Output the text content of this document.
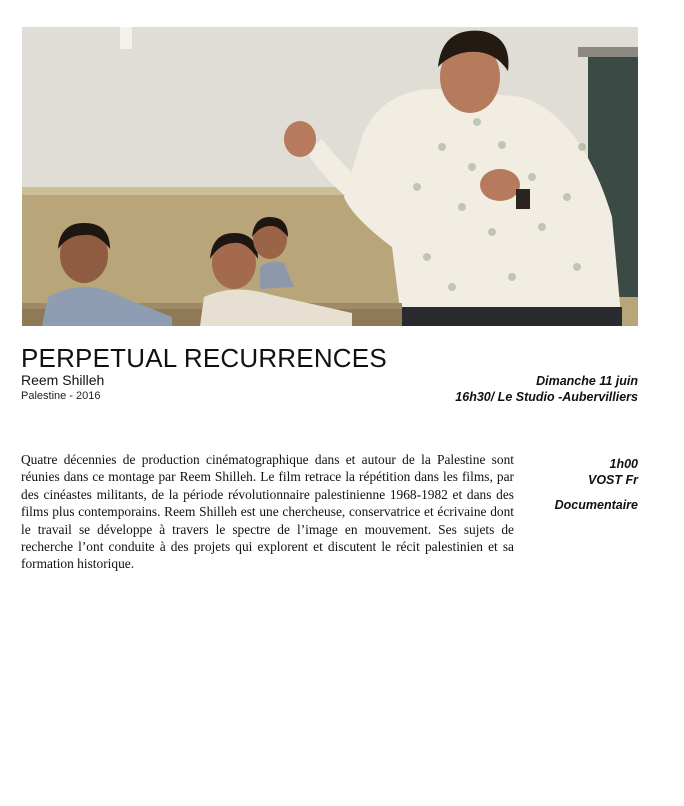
PERPETUAL RECURRENCES
Reem Shilleh
Palestine - 2016
Dimanche 11 juin
16h30/ Le Studio -Aubervilliers

Quatre décennies de production cinématographique dans et autour de la Palestine sont réunies dans ce montage par Reem Shilleh. Le film retrace la répétition dans les films, par des cinéastes militants, de la période révolutionnaire palestinienne 1968-1982 et dans des films plus contemporains. Reem Shilleh est une chercheuse, conservatrice et écrivaine dont le travail se développe à travers le spectre de l’image en mouvement. Ses sujets de recherche l’ont conduite à des projets qui explorent et discutent le récit palestinien et sa formation historique.

1h00
VOST Fr
Documentaire
